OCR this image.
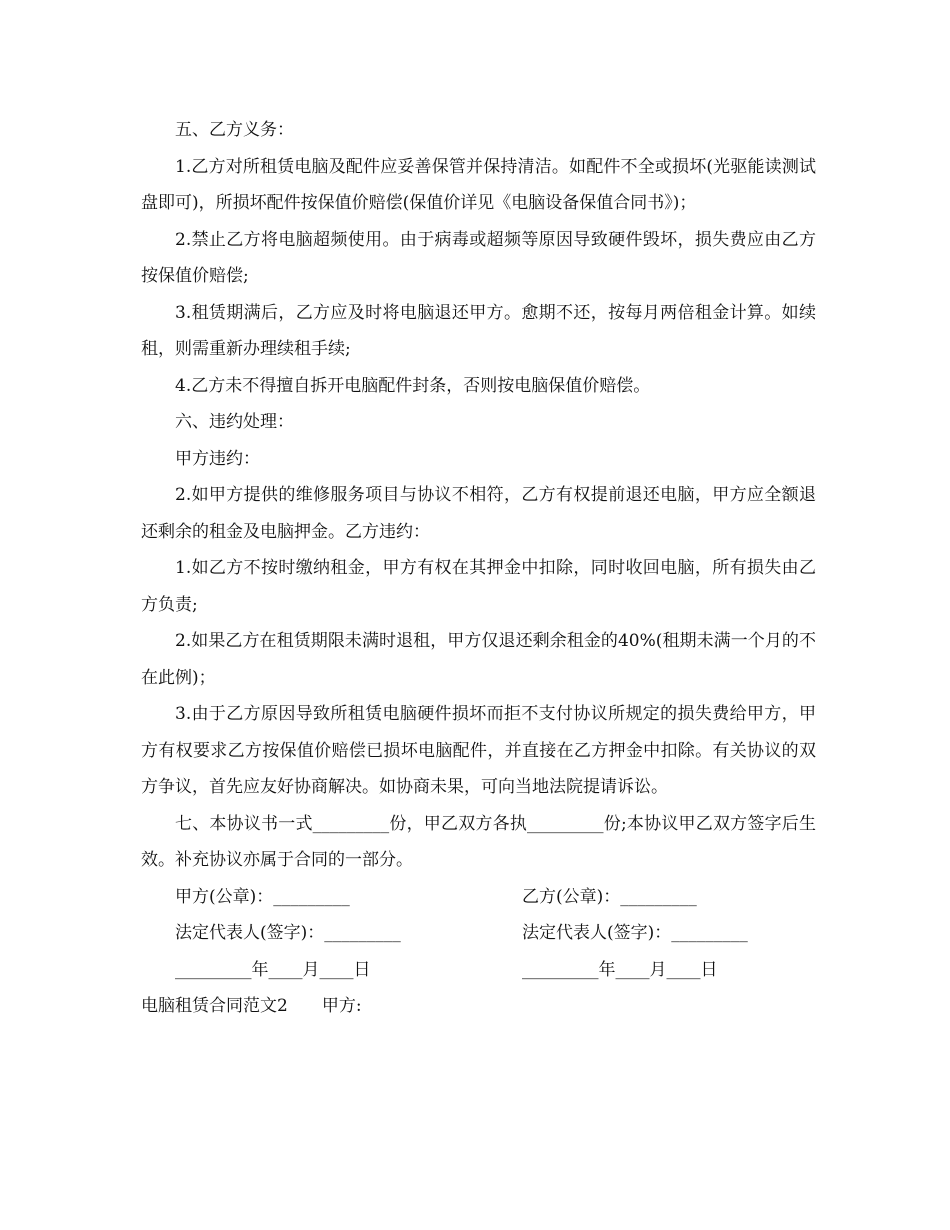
五、乙方义务：

1.乙方对所租赁电脑及配件应妥善保管并保持清洁。如配件不全或损坏(光驱能读测试盘即可)，所损坏配件按保值价赔偿(保值价详见《电脑设备保值合同书》)；

2.禁止乙方将电脑超频使用。由于病毒或超频等原因导致硬件毁坏，损失费应由乙方按保值价赔偿;

3.租赁期满后，乙方应及时将电脑退还甲方。愈期不还，按每月两倍租金计算。如续租，则需重新办理续租手续;

4.乙方未不得擅自拆开电脑配件封条，否则按电脑保值价赔偿。

六、违约处理：

甲方违约：

2.如甲方提供的维修服务项目与协议不相符，乙方有权提前退还电脑，甲方应全额退还剩余的租金及电脑押金。乙方违约：

1.如乙方不按时缴纳租金，甲方有权在其押金中扣除，同时收回电脑，所有损失由乙方负责;

2.如果乙方在租赁期限未满时退租，甲方仅退还剩余租金的40%(租期未满一个月的不在此例)；

3.由于乙方原因导致所租赁电脑硬件损坏而拒不支付协议所规定的损失费给甲方，甲方有权要求乙方按保值价赔偿已损坏电脑配件，并直接在乙方押金中扣除。有关协议的双方争议，首先应友好协商解决。如协商未果，可向当地法院提请诉讼。

七、本协议书一式_________份，甲乙双方各执_________份;本协议甲乙双方签字后生效。补充协议亦属于合同的一部分。

甲方(公章)：_________	乙方(公章)：_________
法定代表人(签字)：_________	法定代表人(签字)：_________
_________年____月____日	_________年____月____日
电脑租赁合同范文2 甲方:
